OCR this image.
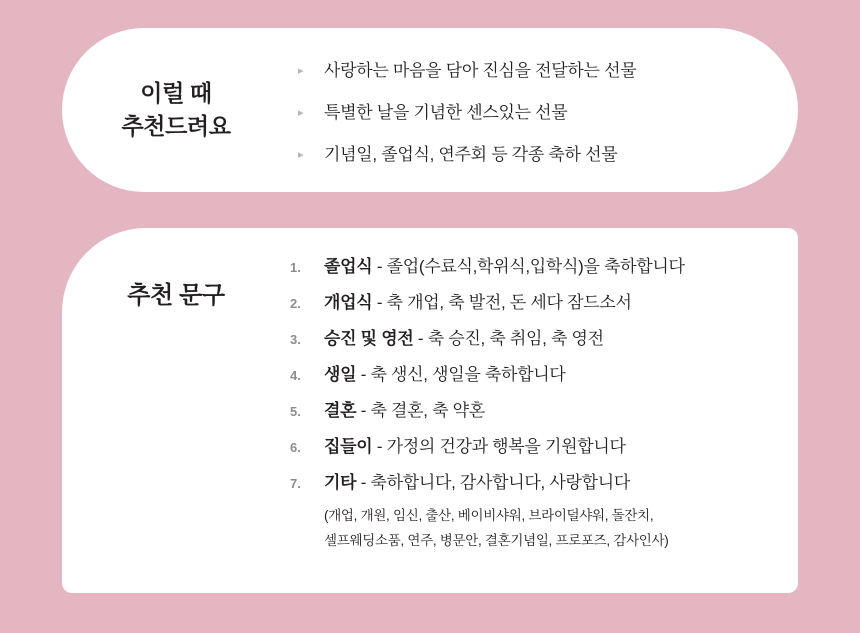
이럴 때
추천드려요
▸	사랑하는 마음을 담아 진심을 전달하는 선물
▸	특별한 날을 기념한 센스있는 선물
▸	기념일, 졸업식, 연주회 등 각종 축하 선물
추천 문구
1.	졸업식 - 졸업(수료식,학위식,입학식)을 축하합니다
2.	개업식 - 축 개업, 축 발전, 돈 세다 잠드소서
3.	승진 및 영전 - 축 승진, 축 취임, 축 영전
4.	생일 - 축 생신, 생일을 축하합니다
5.	결혼 - 축 결혼, 축 약혼
6.	집들이 - 가정의 건강과 행복을 기원합니다
7.	기타 - 축하합니다, 감사합니다, 사랑합니다
(개업, 개원, 임신, 출산, 베이비샤워, 브라이덜샤워, 돌잔치,
셀프웨딩소품, 연주, 병문안, 결혼기념일, 프로포즈, 감사인사)
